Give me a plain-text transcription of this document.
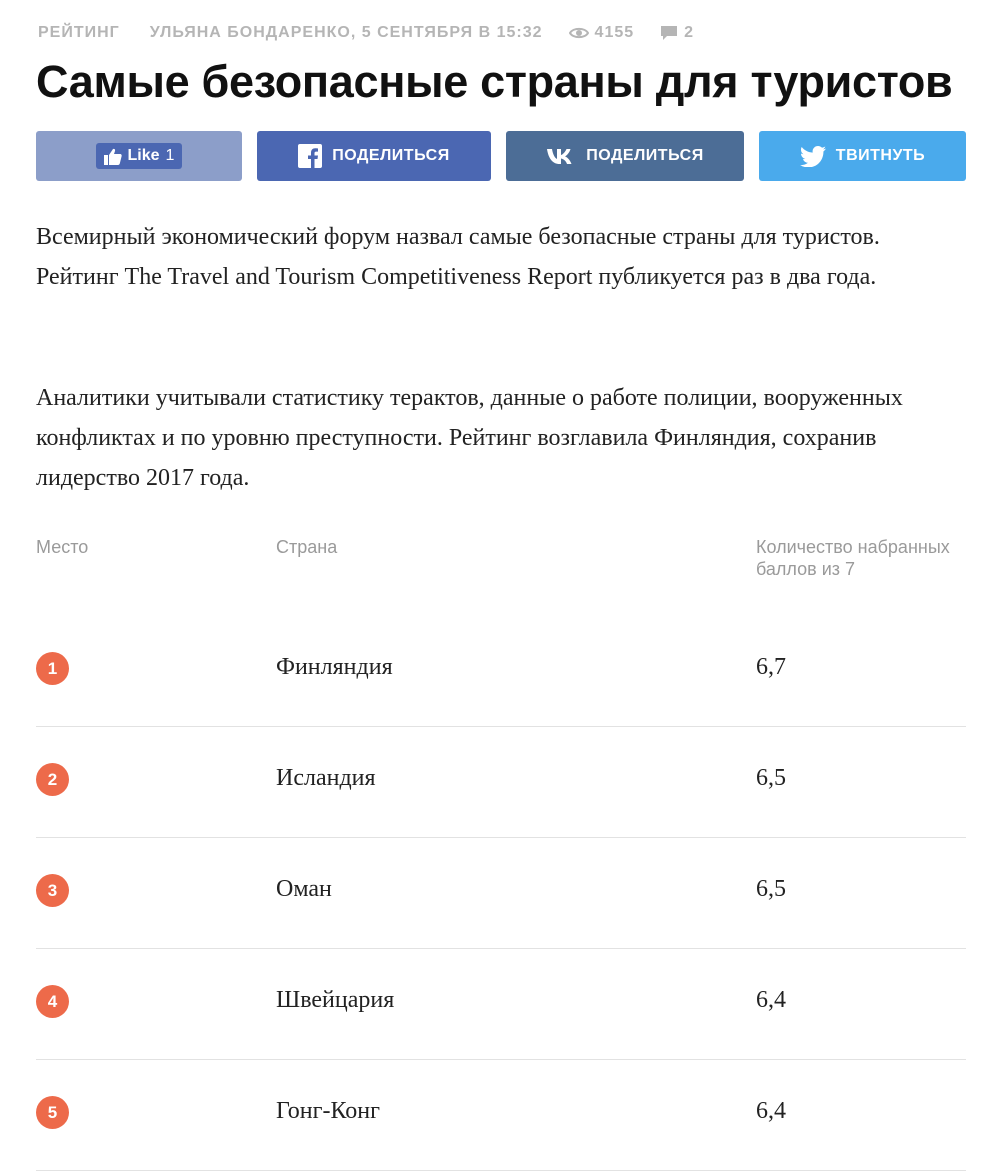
РЕЙТИНГ УЛЬЯНА БОНДАРЕНКО, 5 СЕНТЯБРЯ В 15:32	4155	2
Самые безопасные страны для туристов
Like 1	ПОДЕЛИТЬСЯ	ПОДЕЛИТЬСЯ	ТВИТНУТЬ

Всемирный экономический форум назвал самые безопасные страны для туристов. Рейтинг The Travel and Tourism Competitiveness Report публикуется раз в два года.

Аналитики учитывали статистику терактов, данные о работе полиции, вооруженных конфликтах и по уровню преступности. Рейтинг возглавила Финляндия, сохранив лидерство 2017 года.

Место	Страна	Количество набранных баллов из 7
1	Финляндия	6,7
2	Исландия	6,5
3	Оман	6,5
4	Швейцария	6,4
5	Гонг-Конг	6,4
